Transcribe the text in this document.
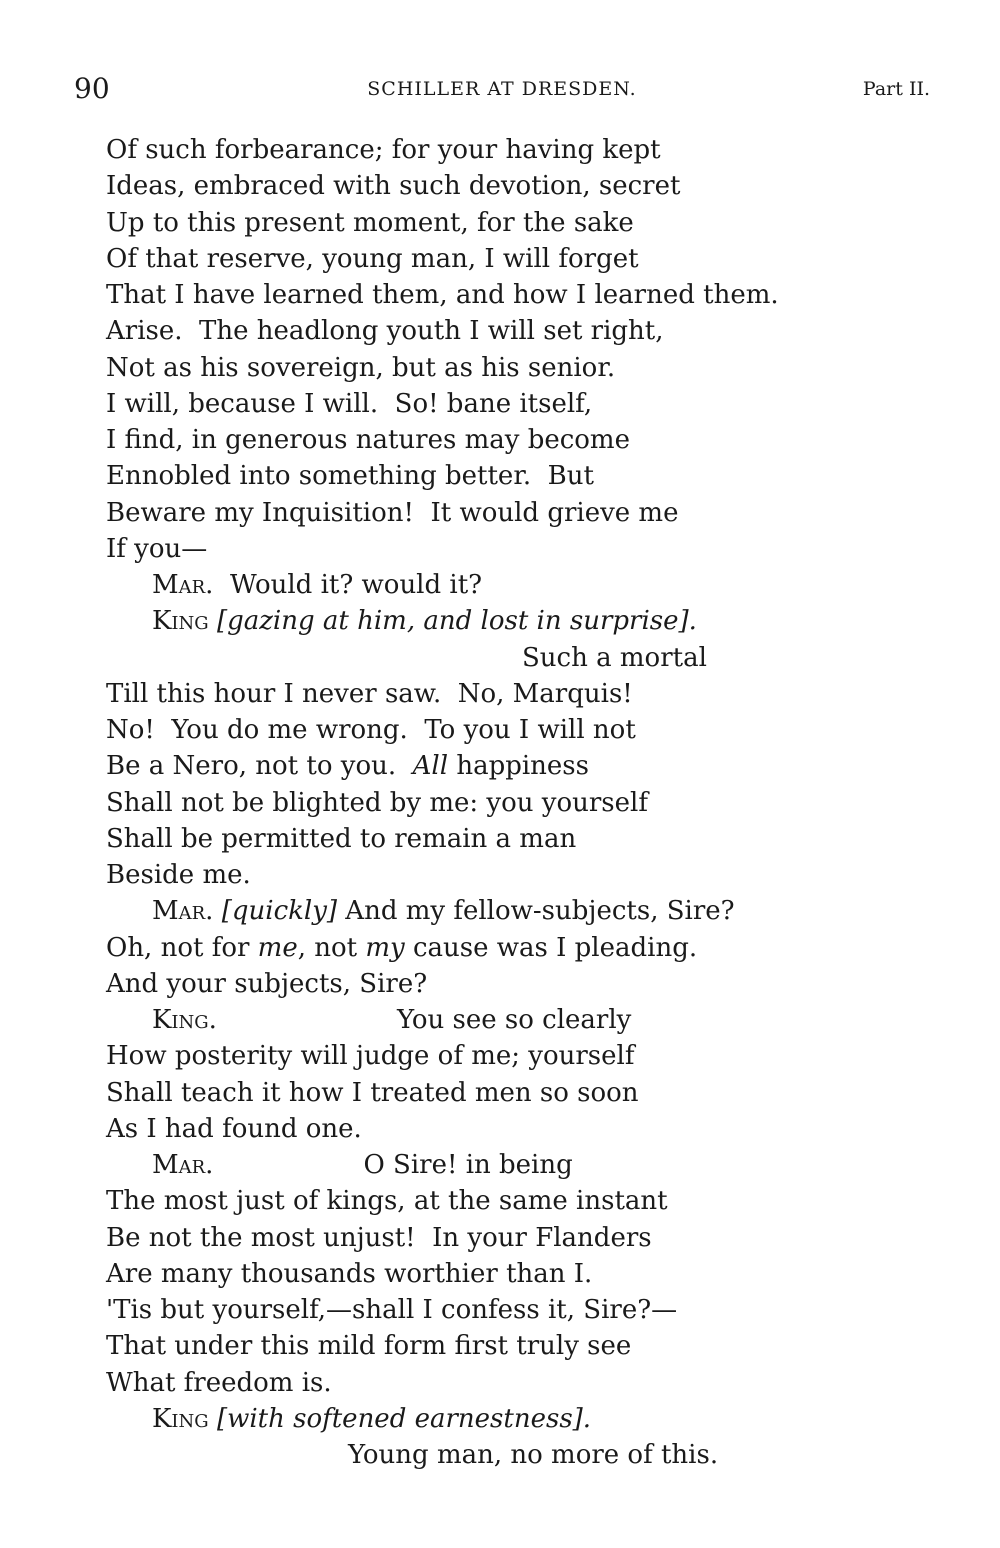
90	SCHILLER AT DRESDEN.	Part II.
Of such forbearance; for your having kept
Ideas, embraced with such devotion, secret
Up to this present moment, for the sake
Of that reserve, young man, I will forget
That I have learned them, and how I learned them.
Arise.  The headlong youth I will set right,
Not as his sovereign, but as his senior.
I will, because I will.  So! bane itself,
I find, in generous natures may become
Ennobled into something better.  But
Beware my Inquisition!  It would grieve me
If you—
Mar. Would it? would it?
King [gazing at him, and lost in surprise].
Such a mortal
Till this hour I never saw.  No, Marquis!
No!  You do me wrong.  To you I will not
Be a Nero, not to you.  All happiness
Shall not be blighted by me: you yourself
Shall be permitted to remain a man
Beside me.
Mar. [quickly] And my fellow-subjects, Sire?
Oh, not for me, not my cause was I pleading.
And your subjects, Sire?
King.	You see so clearly
How posterity will judge of me; yourself
Shall teach it how I treated men so soon
As I had found one.
Mar.	O Sire! in being
The most just of kings, at the same instant
Be not the most unjust!  In your Flanders
Are many thousands worthier than I.
'Tis but yourself,—shall I confess it, Sire?—
That under this mild form first truly see
What freedom is.
King [with softened earnestness].
Young man, no more of this.
